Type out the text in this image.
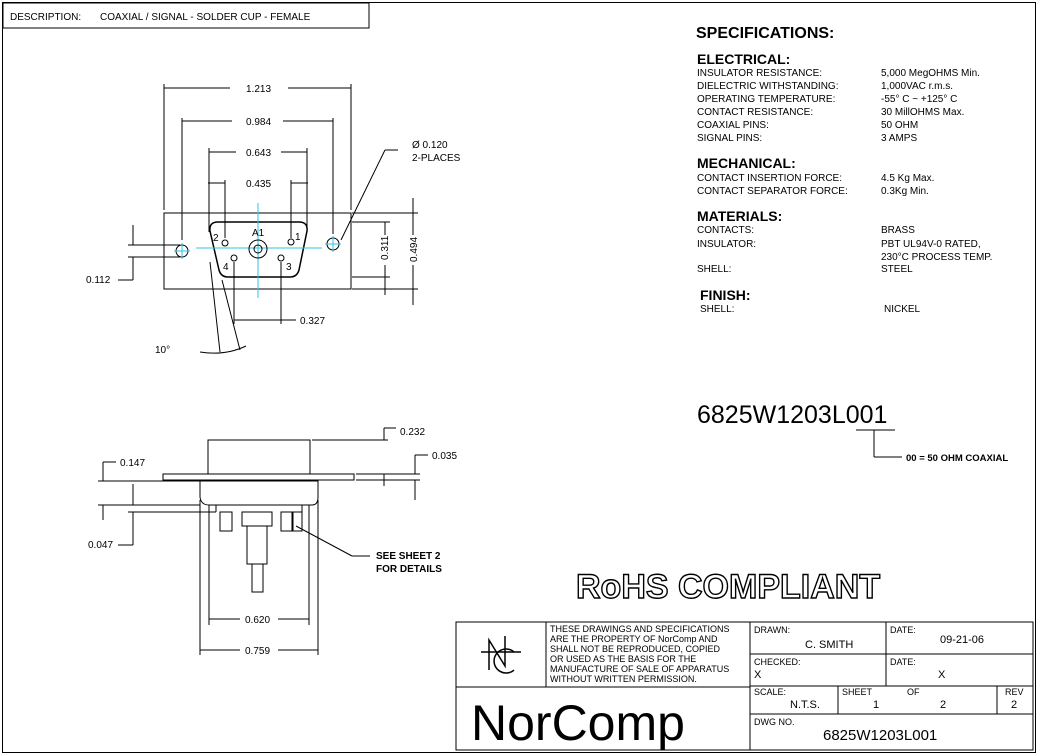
DESCRIPTION: COAXIAL / SIGNAL - SOLDER CUP - FEMALE
A1
2	1
4	3
1.213
0.984
0.643
0.435
Ø 0.120
2-PLACES
0.311 0.494
0.112
0.327
10°
0.232
0.035
0.147
0.047
SEE SHEET 2
FOR DETAILS
0.620
0.759
SPECIFICATIONS:
ELECTRICAL:
INSULATOR RESISTANCE:	5,000 MegOHMS Min.
DIELECTRIC WITHSTANDING:	1,000VAC r.m.s.
OPERATING TEMPERATURE:	-55° C ~ +125° C
CONTACT RESISTANCE:	30 MillOHMS Max.
COAXIAL PINS:	50 OHM
SIGNAL PINS:	3 AMPS
MECHANICAL:
CONTACT INSERTION FORCE:	4.5 Kg Max.
CONTACT SEPARATOR FORCE:	0.3Kg Min.
MATERIALS:
CONTACTS:	BRASS
INSULATOR:	PBT UL94V-0 RATED,
230°C PROCESS TEMP.
SHELL:	STEEL
FINISH:
SHELL:	NICKEL
6825W1203L001
00 = 50 OHM COAXIAL
RoHS COMPLIANT
THESE DRAWINGS AND SPECIFICATIONS
ARE THE PROPERTY OF NorComp AND
SHALL NOT BE REPRODUCED, COPIED
OR USED AS THE BASIS FOR THE
MANUFACTURE OF SALE OF APPARATUS
WITHOUT WRITTEN PERMISSION.
NorComp
DRAWN:
C. SMITH
DATE:
09-21-06
CHECKED:
X
DATE:
X
SCALE:
N.T.S.
SHEET
1
OF
2
REV
2
DWG NO.
6825W1203L001
